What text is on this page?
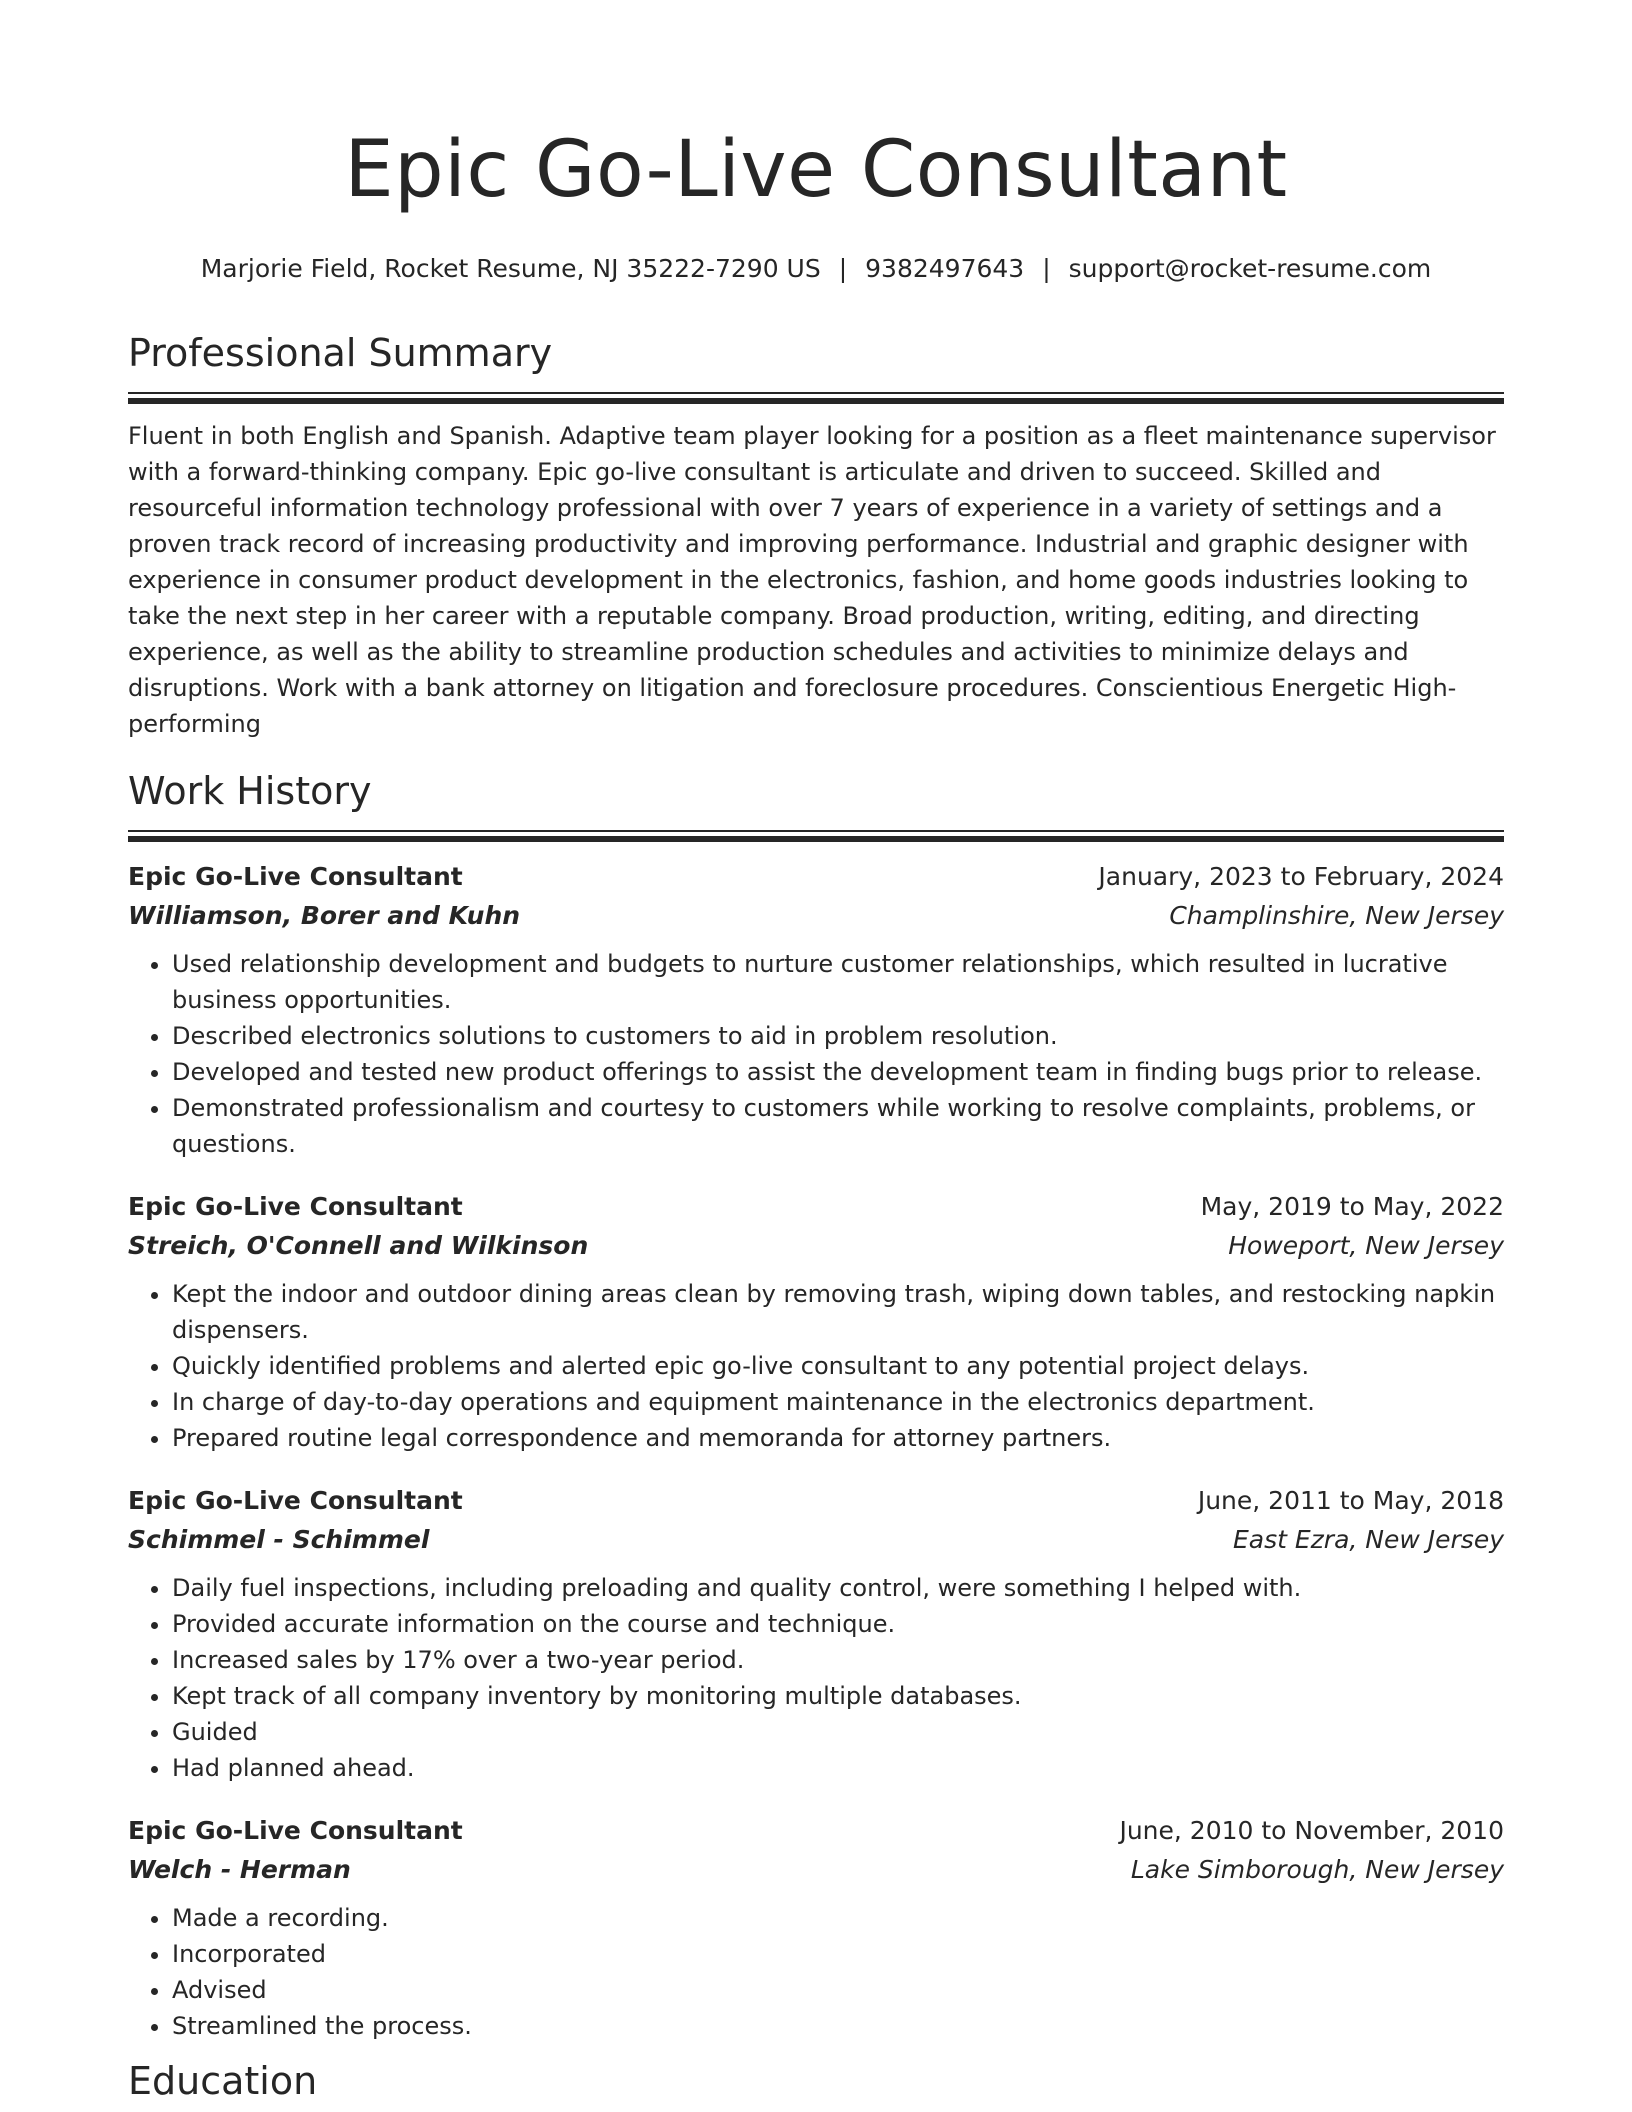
Epic Go-Live Consultant
Marjorie Field, Rocket Resume, NJ 35222-7290 US | 9382497643 | support@rocket-resume.com
Professional Summary

Fluent in both English and Spanish. Adaptive team player looking for a position as a fleet maintenance supervisor with a forward-thinking company. Epic go-live consultant is articulate and driven to succeed. Skilled and resourceful information technology professional with over 7 years of experience in a variety of settings and a proven track record of increasing productivity and improving performance. Industrial and graphic designer with experience in consumer product development in the electronics, fashion, and home goods industries looking to take the next step in her career with a reputable company. Broad production, writing, editing, and directing experience, as well as the ability to streamline production schedules and activities to minimize delays and disruptions. Work with a bank attorney on litigation and foreclosure procedures. Conscientious Energetic High-performing

Work History
Epic Go-Live Consultant	January, 2023 to February, 2024
Williamson, Borer and Kuhn	Champlinshire, New Jersey
• Used relationship development and budgets to nurture customer relationships, which resulted in lucrative business opportunities.
• Described electronics solutions to customers to aid in problem resolution.
• Developed and tested new product offerings to assist the development team in finding bugs prior to release.
• Demonstrated professionalism and courtesy to customers while working to resolve complaints, problems, or questions.
Epic Go-Live Consultant	May, 2019 to May, 2022
Streich, O'Connell and Wilkinson	Howeport, New Jersey
• Kept the indoor and outdoor dining areas clean by removing trash, wiping down tables, and restocking napkin dispensers.
• Quickly identified problems and alerted epic go-live consultant to any potential project delays.
• In charge of day-to-day operations and equipment maintenance in the electronics department.
• Prepared routine legal correspondence and memoranda for attorney partners.
Epic Go-Live Consultant	June, 2011 to May, 2018
Schimmel - Schimmel	East Ezra, New Jersey
• Daily fuel inspections, including preloading and quality control, were something I helped with.
• Provided accurate information on the course and technique.
• Increased sales by 17% over a two-year period.
• Kept track of all company inventory by monitoring multiple databases.
• Guided
• Had planned ahead.
Epic Go-Live Consultant	June, 2010 to November, 2010
Welch - Herman	Lake Simborough, New Jersey
• Made a recording.
• Incorporated
• Advised
• Streamlined the process.
Education
